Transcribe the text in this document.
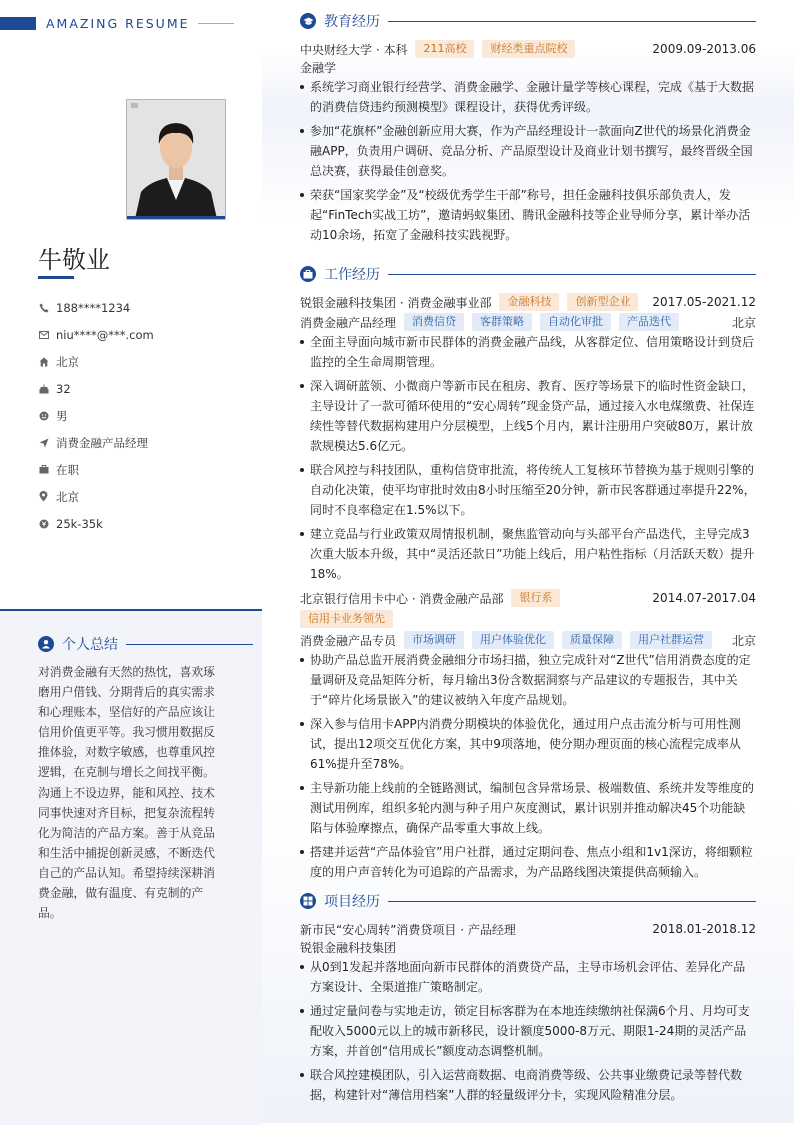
AMAZING RESUME
牛敬业
188****1234
niu****@***.com
北京
32
男
消费金融产品经理
在职
北京
25k-35k
个人总结
对消费金融有天然的热忱，喜欢琢磨用户借钱、分期背后的真实需求和心理账本，坚信好的产品应该让信用价值更平等。我习惯用数据反推体验，对数字敏感，也尊重风控逻辑，在克制与增长之间找平衡。沟通上不设边界，能和风控、技术同事快速对齐目标，把复杂流程转化为简洁的产品方案。善于从竞品和生活中捕捉创新灵感，不断迭代自己的产品认知。希望持续深耕消费金融，做有温度、有克制的产品。
教育经历
中央财经大学 · 本科	211高校	财经类重点院校	2009.09-2013.06
金融学
系统学习商业银行经营学、消费金融学、金融计量学等核心课程，完成《基于大数据的消费信贷违约预测模型》课程设计，获得优秀评级。
参加“花旗杯”金融创新应用大赛，作为产品经理设计一款面向Z世代的场景化消费金融APP，负责用户调研、竞品分析、产品原型设计及商业计划书撰写，最终晋级全国总决赛，获得最佳创意奖。
荣获“国家奖学金”及“校级优秀学生干部”称号，担任金融科技俱乐部负责人，发起“FinTech实战工坊”，邀请蚂蚁集团、腾讯金融科技等企业导师分享，累计举办活动10余场，拓宽了金融科技实践视野。
工作经历
锐银金融科技集团 · 消费金融事业部	金融科技	创新型企业	2017.05-2021.12
消费金融产品经理	消费信贷	客群策略	自动化审批	产品迭代	北京
全面主导面向城市新市民群体的消费金融产品线，从客群定位、信用策略设计到贷后监控的全生命周期管理。
深入调研蓝领、小微商户等新市民在租房、教育、医疗等场景下的临时性资金缺口，主导设计了一款可循环使用的“安心周转”现金贷产品，通过接入水电煤缴费、社保连续性等替代数据构建用户分层模型，上线5个月内，累计注册用户突破80万，累计放款规模达5.6亿元。
联合风控与科技团队，重构信贷审批流，将传统人工复核环节替换为基于规则引擎的自动化决策，使平均审批时效由8小时压缩至20分钟，新市民客群通过率提升22%，同时不良率稳定在1.5%以下。
建立竞品与行业政策双周情报机制，聚焦监管动向与头部平台产品迭代，主导完成3次重大版本升级，其中“灵活还款日”功能上线后，用户粘性指标（月活跃天数）提升18%。
北京银行信用卡中心 · 消费金融产品部	银行系	2014.07-2017.04
信用卡业务领先
消费金融产品专员	市场调研	用户体验优化	质量保障	用户社群运营	北京
协助产品总监开展消费金融细分市场扫描，独立完成针对“Z世代”信用消费态度的定量调研及竞品矩阵分析，每月输出3份含数据洞察与产品建议的专题报告，其中关于“碎片化场景嵌入”的建议被纳入年度产品规划。
深入参与信用卡APP内消费分期模块的体验优化，通过用户点击流分析与可用性测试，提出12项交互优化方案，其中9项落地，使分期办理页面的核心流程完成率从61%提升至78%。
主导新功能上线前的全链路测试，编制包含异常场景、极端数值、系统并发等维度的测试用例库，组织多轮内测与种子用户灰度测试，累计识别并推动解决45个功能缺陷与体验摩擦点，确保产品零重大事故上线。
搭建并运营“产品体验官”用户社群，通过定期问卷、焦点小组和1v1深访，将细颗粒度的用户声音转化为可追踪的产品需求，为产品路线图决策提供高频输入。
项目经历
新市民“安心周转”消费贷项目 · 产品经理	2018.01-2018.12
锐银金融科技集团
从0到1发起并落地面向新市民群体的消费贷产品，主导市场机会评估、差异化产品方案设计、全渠道推广策略制定。
通过定量问卷与实地走访，锁定目标客群为在本地连续缴纳社保满6个月、月均可支配收入5000元以上的城市新移民，设计额度5000-8万元、期限1-24期的灵活产品方案，并首创“信用成长”额度动态调整机制。
联合风控建模团队，引入运营商数据、电商消费等级、公共事业缴费记录等替代数据，构建针对“薄信用档案”人群的轻量级评分卡，实现风险精准分层。
